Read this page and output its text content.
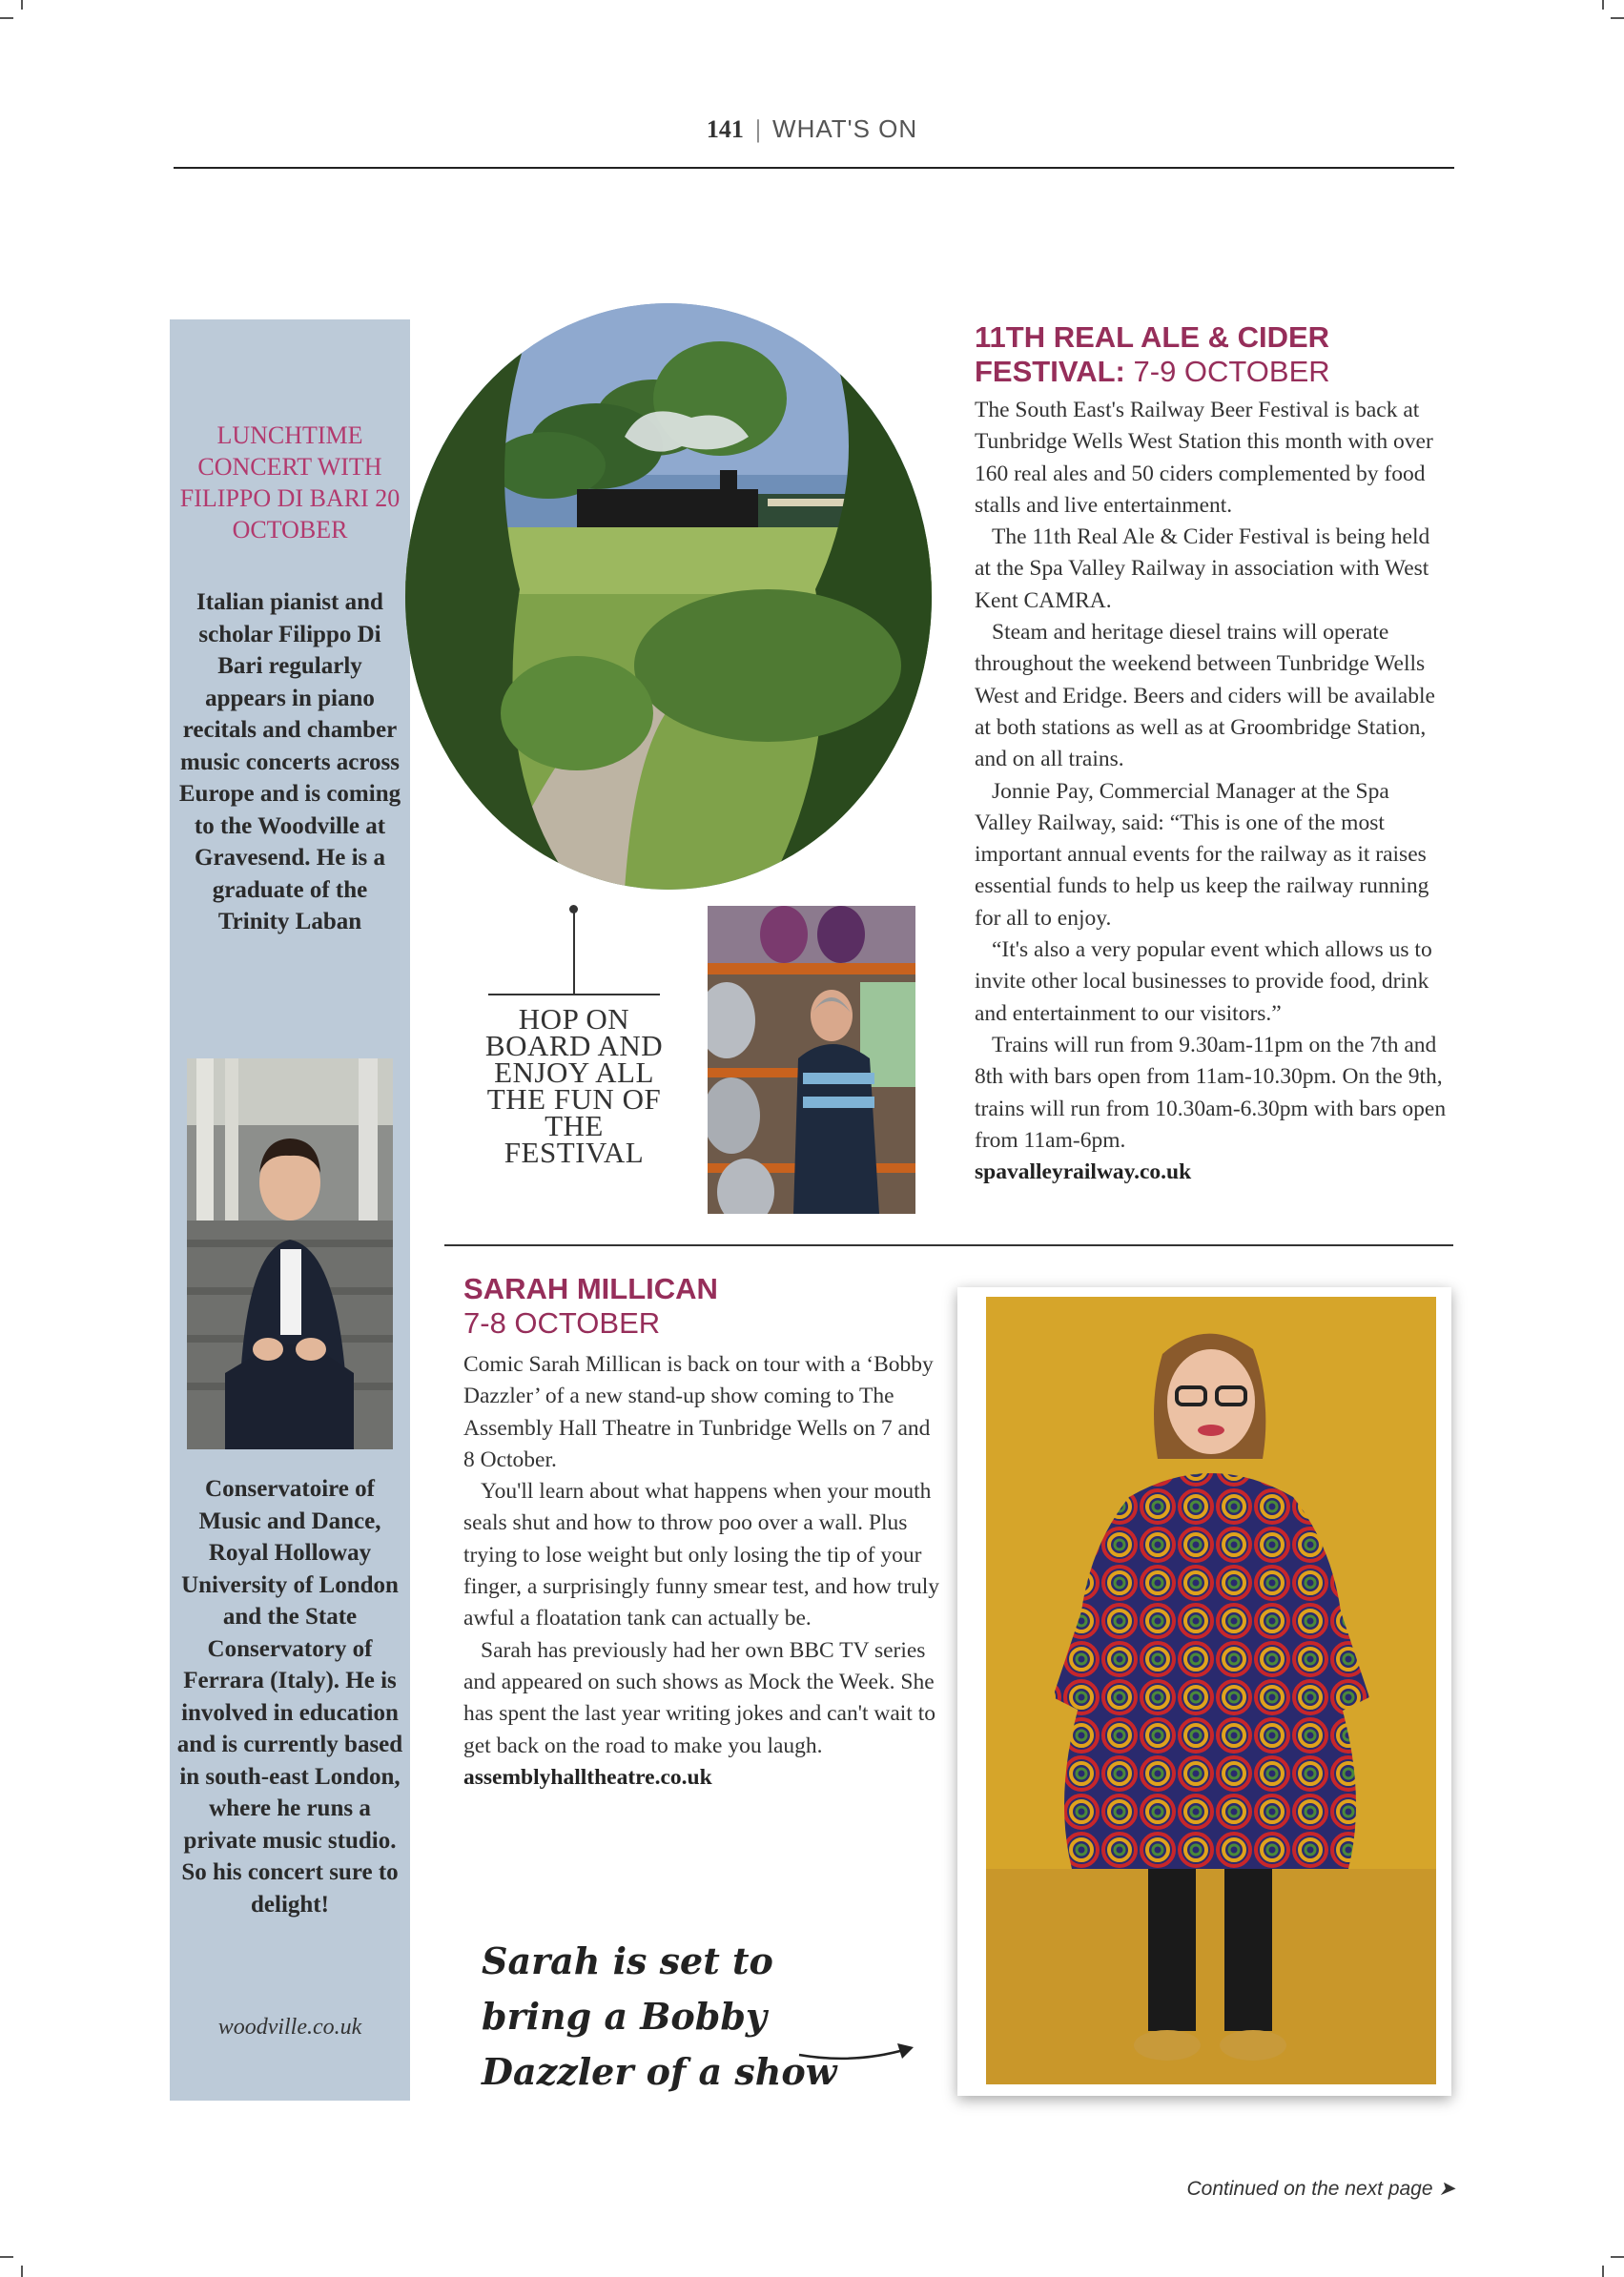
141 | WHAT'S ON
LUNCHTIME CONCERT WITH FILIPPO DI BARI 20 OCTOBER
Italian pianist and scholar Filippo Di Bari regularly appears in piano recitals and chamber music concerts across Europe and is coming to the Woodville at Gravesend. He is a graduate of the Trinity Laban
Conservatoire of Music and Dance, Royal Holloway University of London and the State Conservatory of Ferrara (Italy). He is involved in education and is currently based in south-east London, where he runs a private music studio. So his concert sure to delight!
woodville.co.uk
HOP ON BOARD AND ENJOY ALL THE FUN OF THE FESTIVAL
11TH REAL ALE & CIDER FESTIVAL: 7-9 OCTOBER

The South East's Railway Beer Festival is back at Tunbridge Wells West Station this month with over 160 real ales and 50 ciders complemented by food stalls and live entertainment.

The 11th Real Ale & Cider Festival is being held at the Spa Valley Railway in association with West Kent CAMRA.

Steam and heritage diesel trains will operate throughout the weekend between Tunbridge Wells West and Eridge. Beers and ciders will be available at both stations as well as at Groombridge Station, and on all trains.

Jonnie Pay, Commercial Manager at the Spa Valley Railway, said: “This is one of the most important annual events for the railway as it raises essential funds to help us keep the railway running for all to enjoy.

“It's also a very popular event which allows us to invite other local businesses to provide food, drink and entertainment to our visitors.”

Trains will run from 9.30am-11pm on the 7th and 8th with bars open from 11am-10.30pm. On the 9th, trains will run from 10.30am-6.30pm with bars open from 11am-6pm.

spavalleyrailway.co.uk

SARAH MILLICAN
7-8 OCTOBER

Comic Sarah Millican is back on tour with a ‘Bobby Dazzler’ of a new stand-up show coming to The Assembly Hall Theatre in Tunbridge Wells on 7 and 8 October.

You'll learn about what happens when your mouth seals shut and how to throw poo over a wall. Plus trying to lose weight but only losing the tip of your finger, a surprisingly funny smear test, and how truly awful a floatation tank can actually be.

Sarah has previously had her own BBC TV series and appeared on such shows as Mock the Week. She has spent the last year writing jokes and can't wait to get back on the road to make you laugh.

assemblyhalltheatre.co.uk

Sarah is set to bring a Bobby Dazzler of a show
Continued on the next page ➤
